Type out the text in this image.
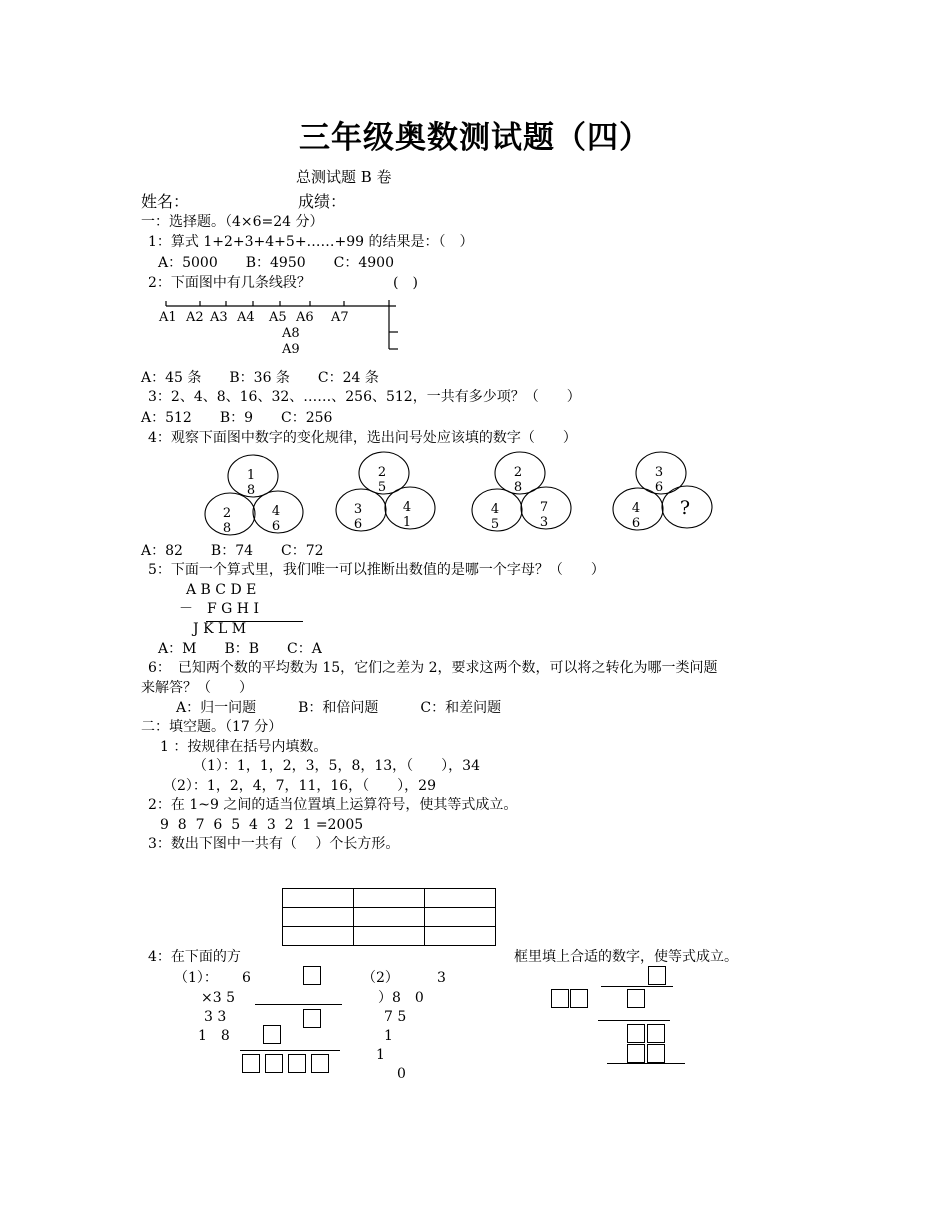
三年级奥数测试题（四）
总测试题 B 卷
姓名：	成绩：
一：选择题。（4×6=24 分）
1：算式 1+2+3+4+5+……+99 的结果是：（　）
A：5000　　B：4950　　C：4900
2：下面图中有几条线段？	(　)
A1 A2 A3 A4 A5 A6 A7
A8
A9
A：45 条　　B：36 条　　C：24 条
3：2、4、8、16、32、……、256、512，一共有多少项？（　　）
A：512　　B：9　　C：256
4：观察下面图中数字的变化规律，选出问号处应该填的数字（　　）
1
8
2
8
4
6
2
5
3
6
4
1
2
8
4
5
7
3
3
6
4
6
?
A：82　　B：74　　C：72
5：下面一个算式里，我们唯一可以推断出数值的是哪一个字母？（　　）
A B C D E
－　F G H I
J K L M
A：M　　B：B　　C：A
6：　已知两个数的平均数为 15，它们之差为 2，要求这两个数，可以将之转化为哪一类问题
来解答？（　　）
A：归一问题　　　B：和倍问题　　　C：和差问题
二：填空题。（17 分）
1 ：按规律在括号内填数。
（1）：1，1，2，3，5，8，13，（　　），34
（2）：1，2，4，7，11，16，（　　），29
2：在 1~9 之间的适当位置填上运算符号，使其等式成立。
9  8  7  6  5  4  3  2  1 =2005
3：数出下图中一共有（　 ）个长方形。

4：在下面的方	框里填上合适的数字，使等式成立。
（1）： 6
×3 5
3 3
1　8
（2）	3
）8　0
7 5
1
1
0
